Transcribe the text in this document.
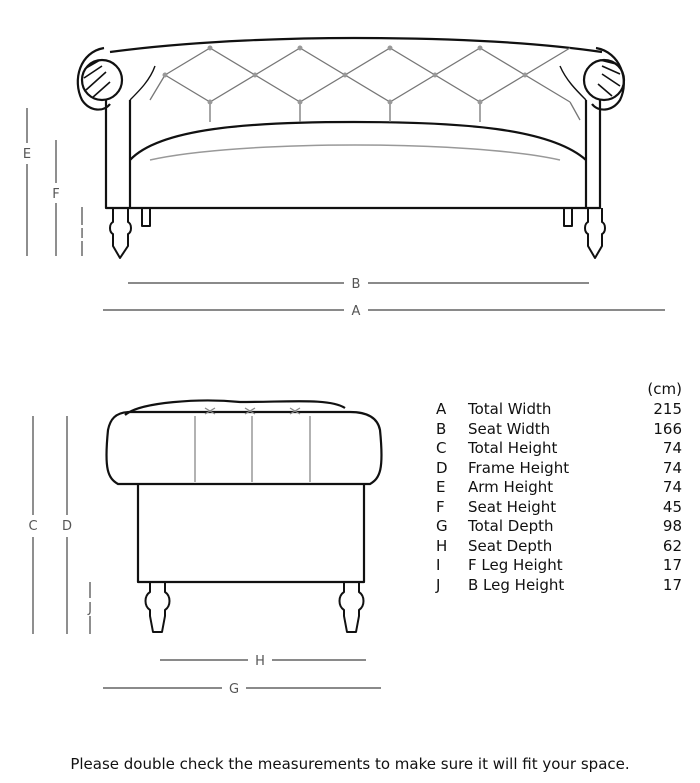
E
F
I
B
A
C D
J
H
G
(cm)
A	Total Width	215
B	Seat Width	166
C	Total Height	74
D	Frame Height	74
E	Arm Height	74
F	Seat Height	45
G	Total Depth	98
H	Seat Depth	62
I	F Leg Height	17
J	B Leg Height	17
Please double check the measurements to make sure it will fit your space.
